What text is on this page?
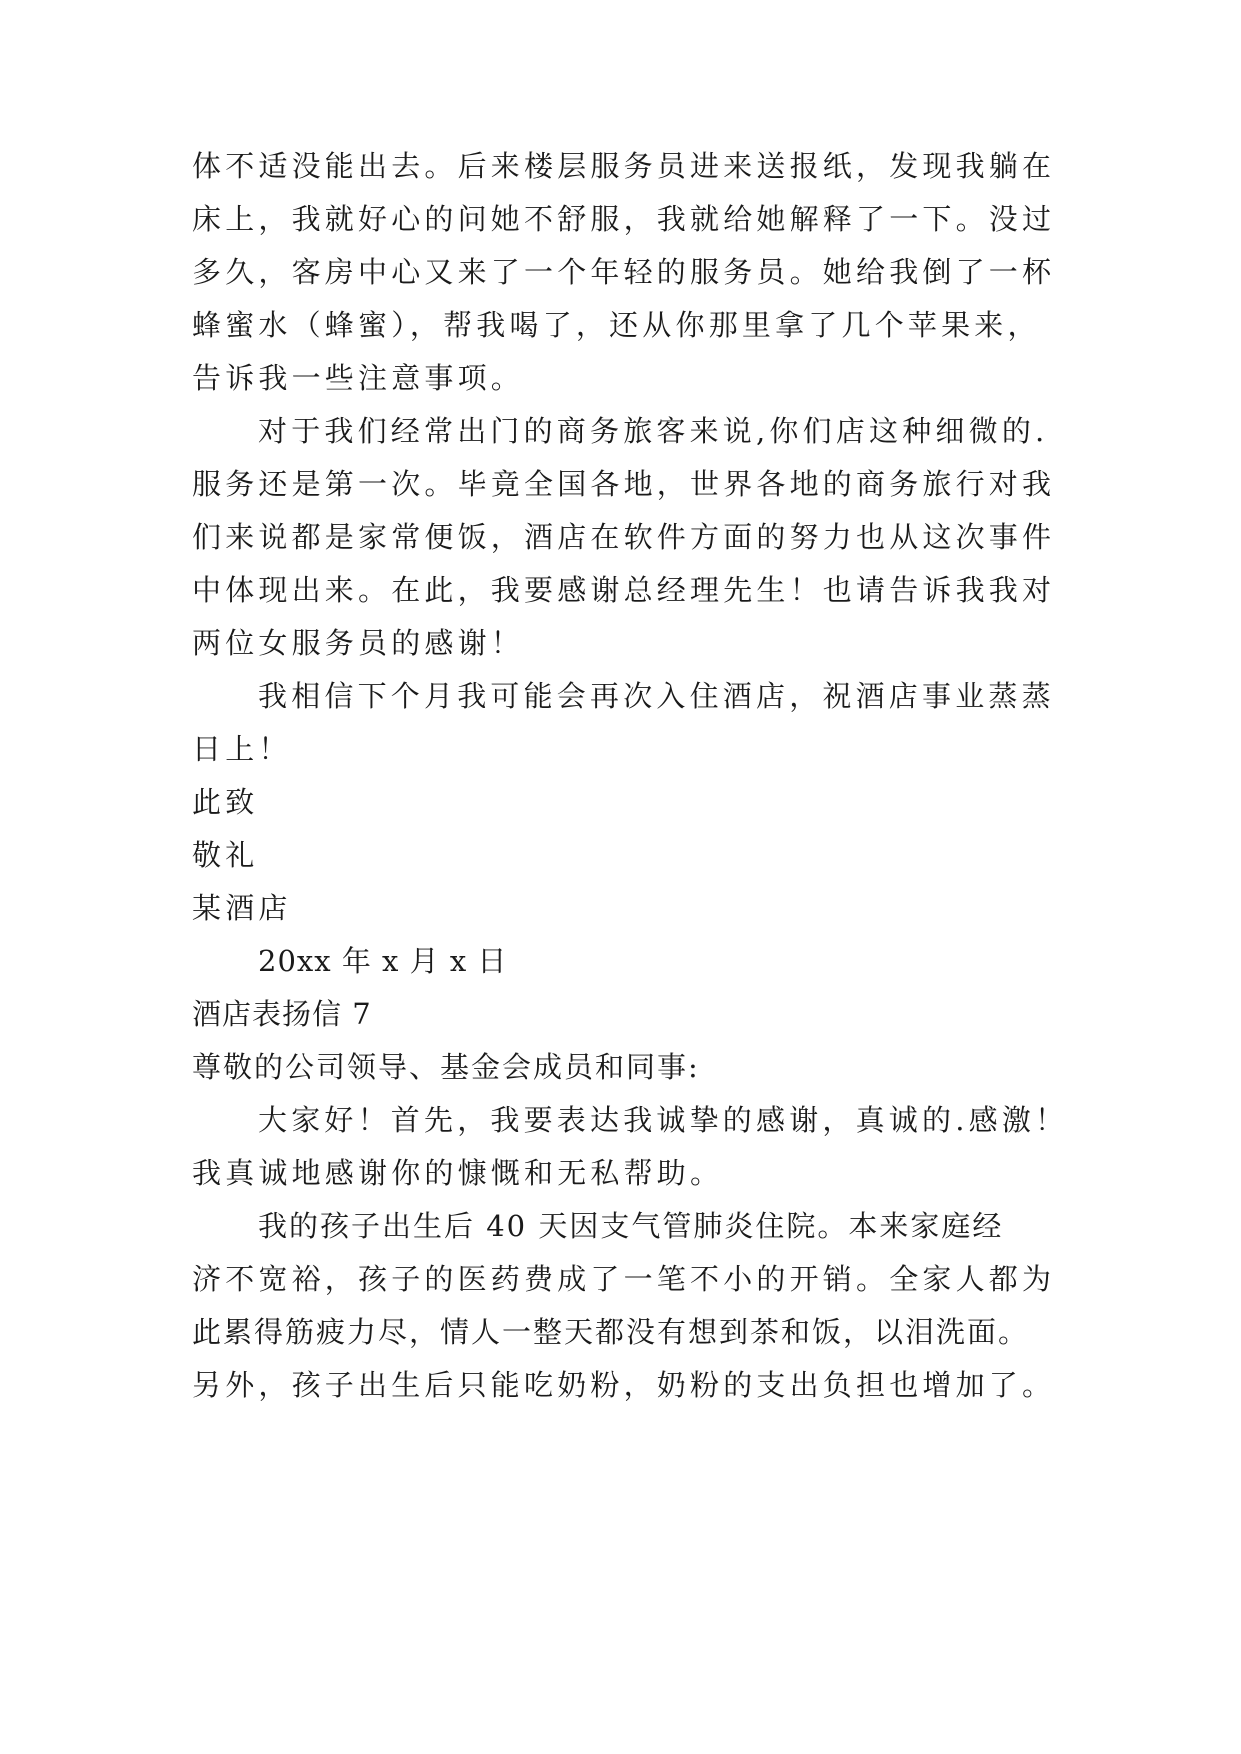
体不适没能出去。后来楼层服务员进来送报纸，发现我躺在
床上，我就好心的问她不舒服，我就给她解释了一下。没过
多久，客房中心又来了一个年轻的服务员。她给我倒了一杯
蜂蜜水（蜂蜜），帮我喝了，还从你那里拿了几个苹果来，
告诉我一些注意事项。
对于我们经常出门的商务旅客来说,你们店这种细微的.
服务还是第一次。毕竟全国各地，世界各地的商务旅行对我
们来说都是家常便饭，酒店在软件方面的努力也从这次事件
中体现出来。在此，我要感谢总经理先生！也请告诉我我对
两位女服务员的感谢！
我相信下个月我可能会再次入住酒店，祝酒店事业蒸蒸
日上！
此致
敬礼
某酒店
20xx 年 x 月 x 日
酒店表扬信 7
尊敬的公司领导、基金会成员和同事:
大家好！首先，我要表达我诚挚的感谢，真诚的.感激！
我真诚地感谢你的慷慨和无私帮助。
我的孩子出生后 40 天因支气管肺炎住院。本来家庭经
济不宽裕，孩子的医药费成了一笔不小的开销。全家人都为
此累得筋疲力尽，情人一整天都没有想到茶和饭，以泪洗面。
另外，孩子出生后只能吃奶粉，奶粉的支出负担也增加了。
